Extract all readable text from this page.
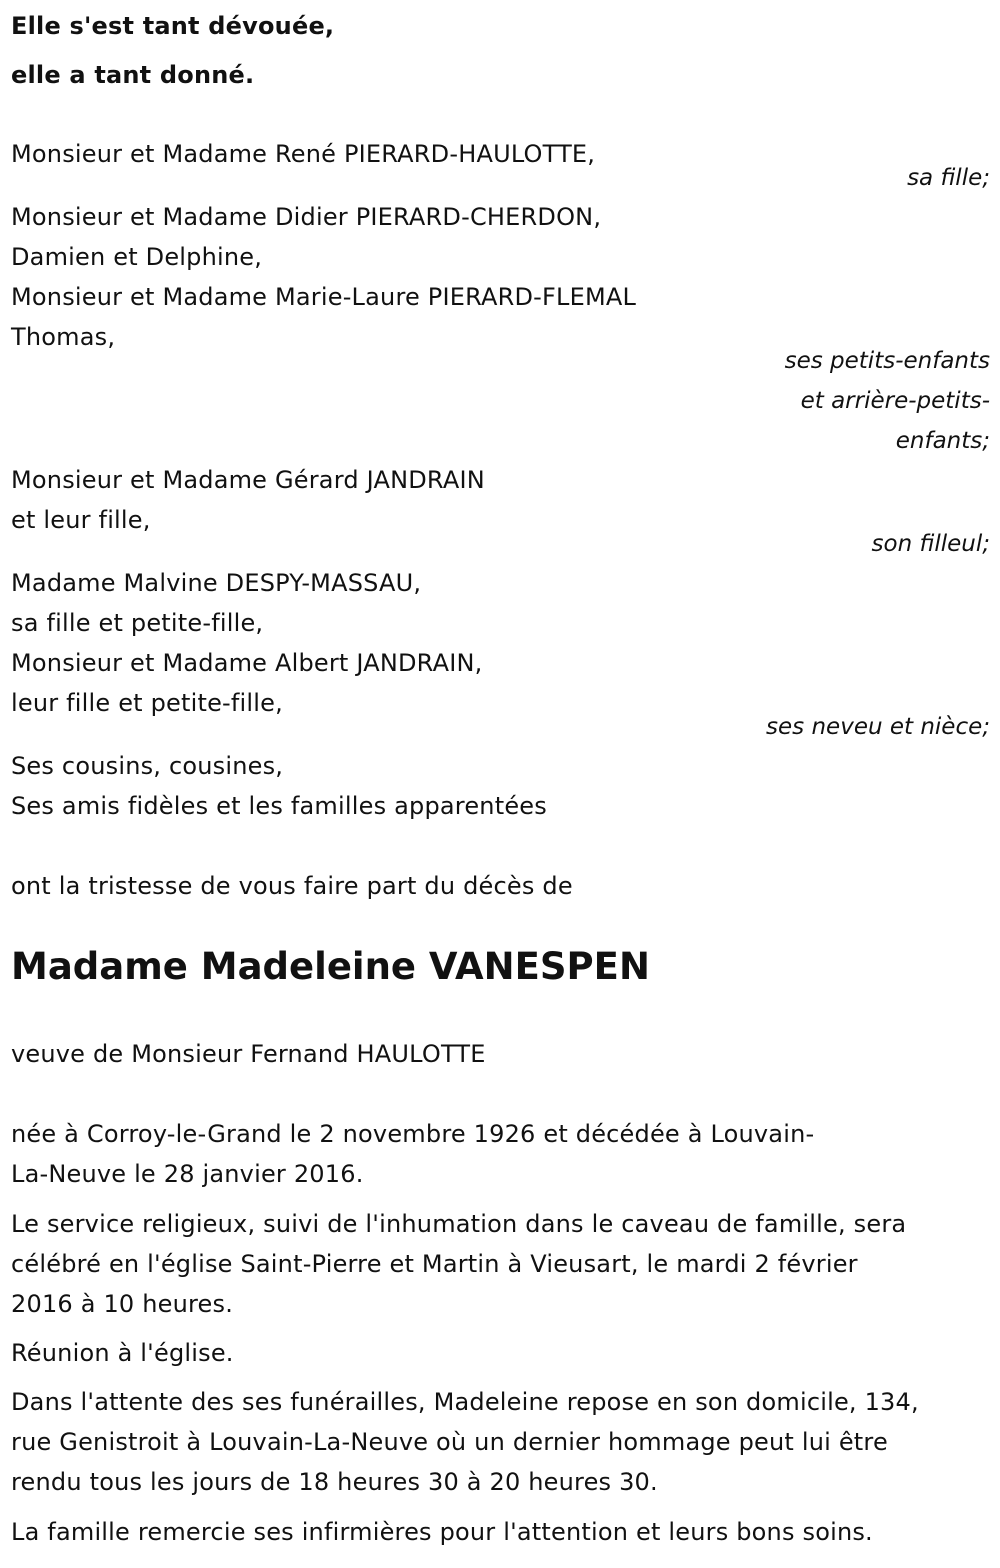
Elle s'est tant dévouée,
elle a tant donné.
Monsieur et Madame René PIERARD-HAULOTTE,
sa fille;
Monsieur et Madame Didier PIERARD-CHERDON,
Damien et Delphine,
Monsieur et Madame Marie-Laure PIERARD-FLEMAL
Thomas,
ses petits-enfants
et arrière-petits-
enfants;
Monsieur et Madame Gérard JANDRAIN
et leur fille,
son filleul;
Madame Malvine DESPY-MASSAU,
sa fille et petite-fille,
Monsieur et Madame Albert JANDRAIN,
leur fille et petite-fille,
ses neveu et nièce;
Ses cousins, cousines,
Ses amis fidèles et les familles apparentées
ont la tristesse de vous faire part du décès de
Madame Madeleine VANESPEN
veuve de Monsieur Fernand HAULOTTE
née à Corroy-le-Grand le 2 novembre 1926 et décédée à Louvain-
La-Neuve le 28 janvier 2016.
Le service religieux, suivi de l'inhumation dans le caveau de famille, sera
célébré en l'église Saint-Pierre et Martin à Vieusart, le mardi 2 février
2016 à 10 heures.
Réunion à l'église.
Dans l'attente des ses funérailles, Madeleine repose en son domicile, 134,
rue Genistroit à Louvain-La-Neuve où un dernier hommage peut lui être
rendu tous les jours de 18 heures 30 à 20 heures 30.
La famille remercie ses infirmières pour l'attention et leurs bons soins.
